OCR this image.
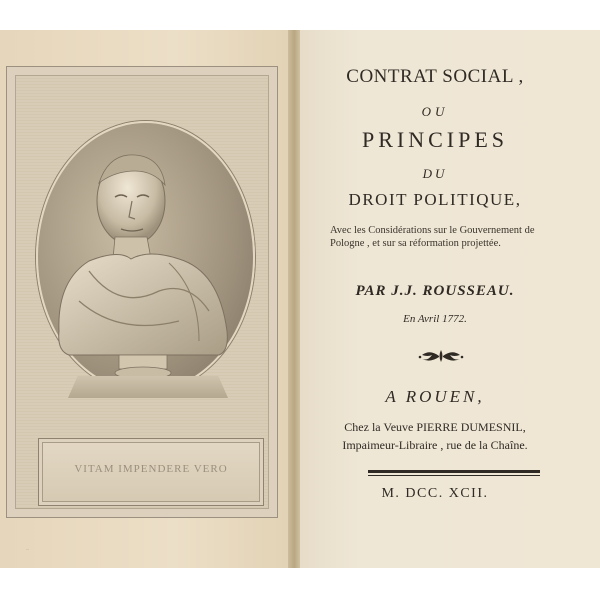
VITAM IMPENDERE VERO
...
CONTRAT SOCIAL ,
OU
PRINCIPES
DU
DROIT POLITIQUE,
Avec les Considérations sur le Gouvernement de Pologne , et sur sa réformation projettée.
PAR J.J. ROUSSEAU.
En Avril 1772.
A ROUEN,
Chez la Veuve PIERRE DUMESNIL,
Impaimeur-Libraire , rue de la Chaîne.
M. DCC. XCII.
